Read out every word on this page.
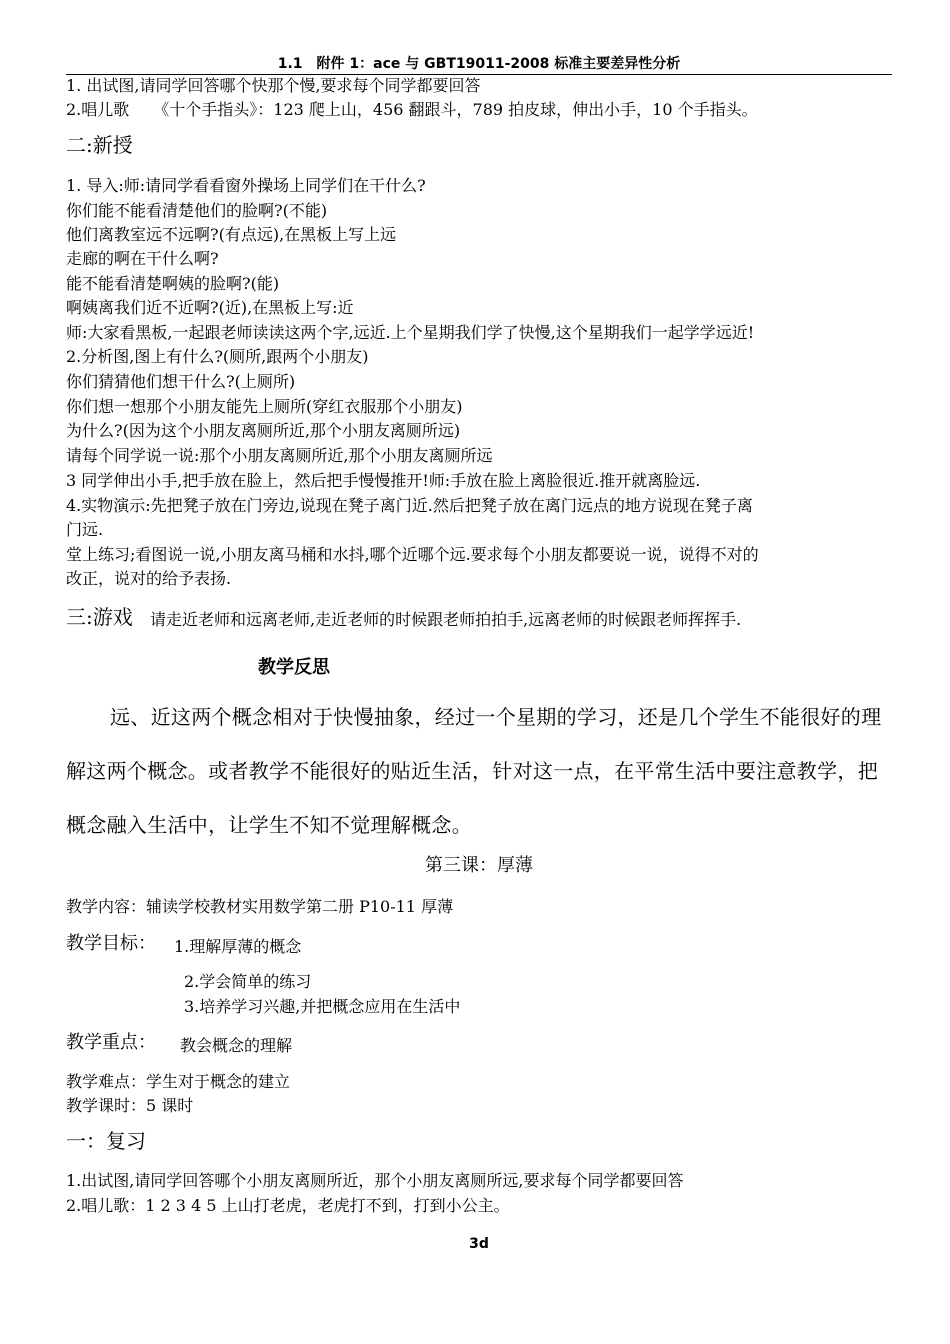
1.1　附件 1：ace 与 GBT19011-2008 标准主要差异性分析
1. 出试图,请同学回答哪个快那个慢,要求每个同学都要回答
2.唱儿歌　　《十个手指头》：123 爬上山，456 翻跟斗，789 拍皮球，伸出小手，10 个手指头。
二:新授
1. 导入:师:请同学看看窗外操场上同学们在干什么?
你们能不能看清楚他们的脸啊?(不能)
他们离教室远不远啊?(有点远),在黑板上写上远
走廊的啊在干什么啊?
能不能看清楚啊姨的脸啊?(能)
啊姨离我们近不近啊?(近),在黑板上写:近
师:大家看黑板,一起跟老师读读这两个字,远近.上个星期我们学了快慢,这个星期我们一起学学远近!
2.分析图,图上有什么?(厕所,跟两个小朋友)
你们猜猜他们想干什么?(上厕所)
你们想一想那个小朋友能先上厕所(穿红衣服那个小朋友)
为什么?(因为这个小朋友离厕所近,那个小朋友离厕所远)
请每个同学说一说:那个小朋友离厕所近,那个小朋友离厕所远
3 同学伸出小手,把手放在脸上，然后把手慢慢推开!师:手放在脸上离脸很近.推开就离脸远.
4.实物演示:先把凳子放在门旁边,说现在凳子离门近.然后把凳子放在离门远点的地方说现在凳子离
门远.
堂上练习;看图说一说,小朋友离马桶和水抖,哪个近哪个远.要求每个小朋友都要说一说，说得不对的
改正，说对的给予表扬.
三:游戏 请走近老师和远离老师,走近老师的时候跟老师拍拍手,远离老师的时候跟老师挥挥手.
教学反思
远、近这两个概念相对于快慢抽象，经过一个星期的学习，还是几个学生不能很好的理解这两个概念。或者教学不能很好的贴近生活，针对这一点，在平常生活中要注意教学，把概念融入生活中，让学生不知不觉理解概念。
第三课：厚薄
教学内容：辅读学校教材实用数学第二册 P10-11 厚薄
教学目标： 1.理解厚薄的概念
2.学会简单的练习
3.培养学习兴趣,并把概念应用在生活中
教学重点： 教会概念的理解
教学难点：学生对于概念的建立
教学课时：5 课时
一：复习
1.出试图,请同学回答哪个小朋友离厕所近，那个小朋友离厕所远,要求每个同学都要回答
2.唱儿歌：1 2 3 4 5 上山打老虎，老虎打不到，打到小公主。
3d
